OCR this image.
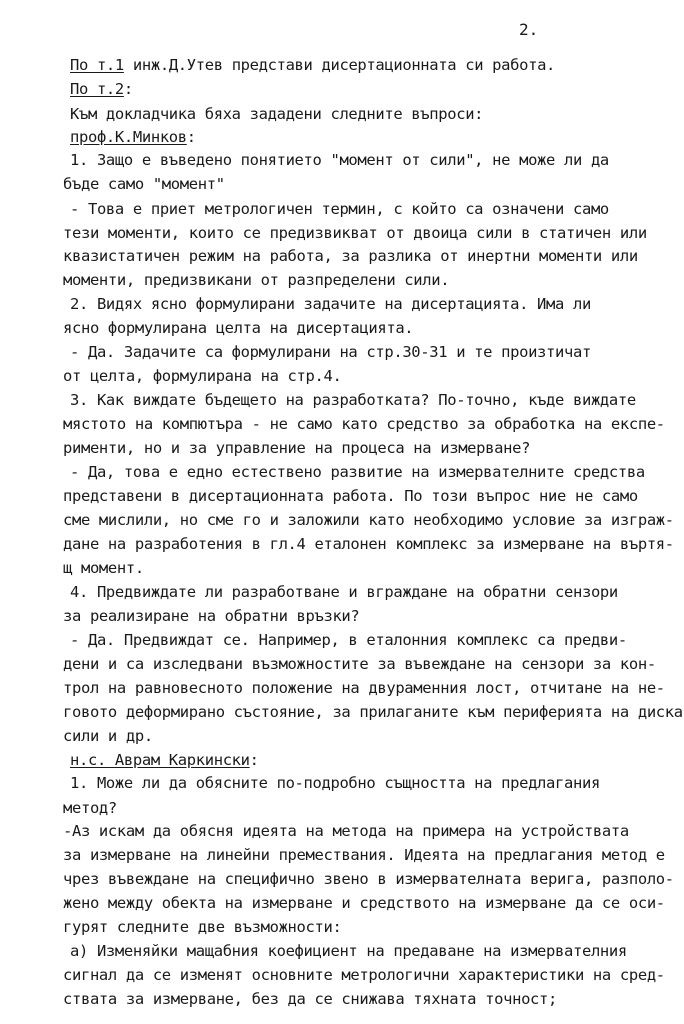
2.
По т.1 инж.Д.Утев представи дисертационната си работа.
По т.2:
Към докладчика бяха зададени следните въпроси:
проф.К.Минков:
1. Защо е въведено понятието "момент от сили", не може ли да
бъде само "момент"
- Това е приет метрологичен термин, с който са означени само
тези моменти, които се предизвикват от двоица сили в статичен или
квазистатичен режим на работа, за разлика от инертни моменти или
моменти, предизвикани от разпределени сили.
2. Видях ясно формулирани задачите на дисертацията. Има ли
ясно формулирана целта на дисертацията.
- Да. Задачите са формулирани на стр.30-31 и те произтичат
от целта, формулирана на стр.4.
3. Как виждате бъдещето на разработката? По-точно, къде виждате
мястото на компютъра - не само като средство за обработка на експе-
рименти, но и за управление на процеса на измерване?
- Да, това е едно естествено развитие на измервателните средства
представени в дисертационната работа. По този въпрос ние не само
сме мислили, но сме го и заложили като необходимо условие за изграж-
дане на разработения в гл.4 еталонен комплекс за измерване на въртя-
щ момент.
4. Предвиждате ли разработване и вграждане на обратни сензори
за реализиране на обратни връзки?
- Да. Предвиждат се. Например, в еталонния комплекс са предви-
дени и са изследвани възможностите за въвеждане на сензори за кон-
трол на равновесното положение на двураменния лост, отчитане на не-
говото деформирано състояние, за прилаганите към периферията на диска
сили и др.
н.с. Аврам Каркински:
1. Може ли да обясните по-подробно същността на предлагания
метод?
-Аз искам да обясня идеята на метода на примера на устройствата
за измерване на линейни премествания. Идеята на предлагания метод е
чрез въвеждане на специфично звено в измервателната верига, разполо-
жено между обекта на измерване и средството на измерване да се оси-
гурят следните две възможности:
а) Изменяйки мащабния коефициент на предаване на измервателния
сигнал да се изменят основните метрологични характеристики на сред-
ствата за измерване, без да се снижава тяхната точност;
